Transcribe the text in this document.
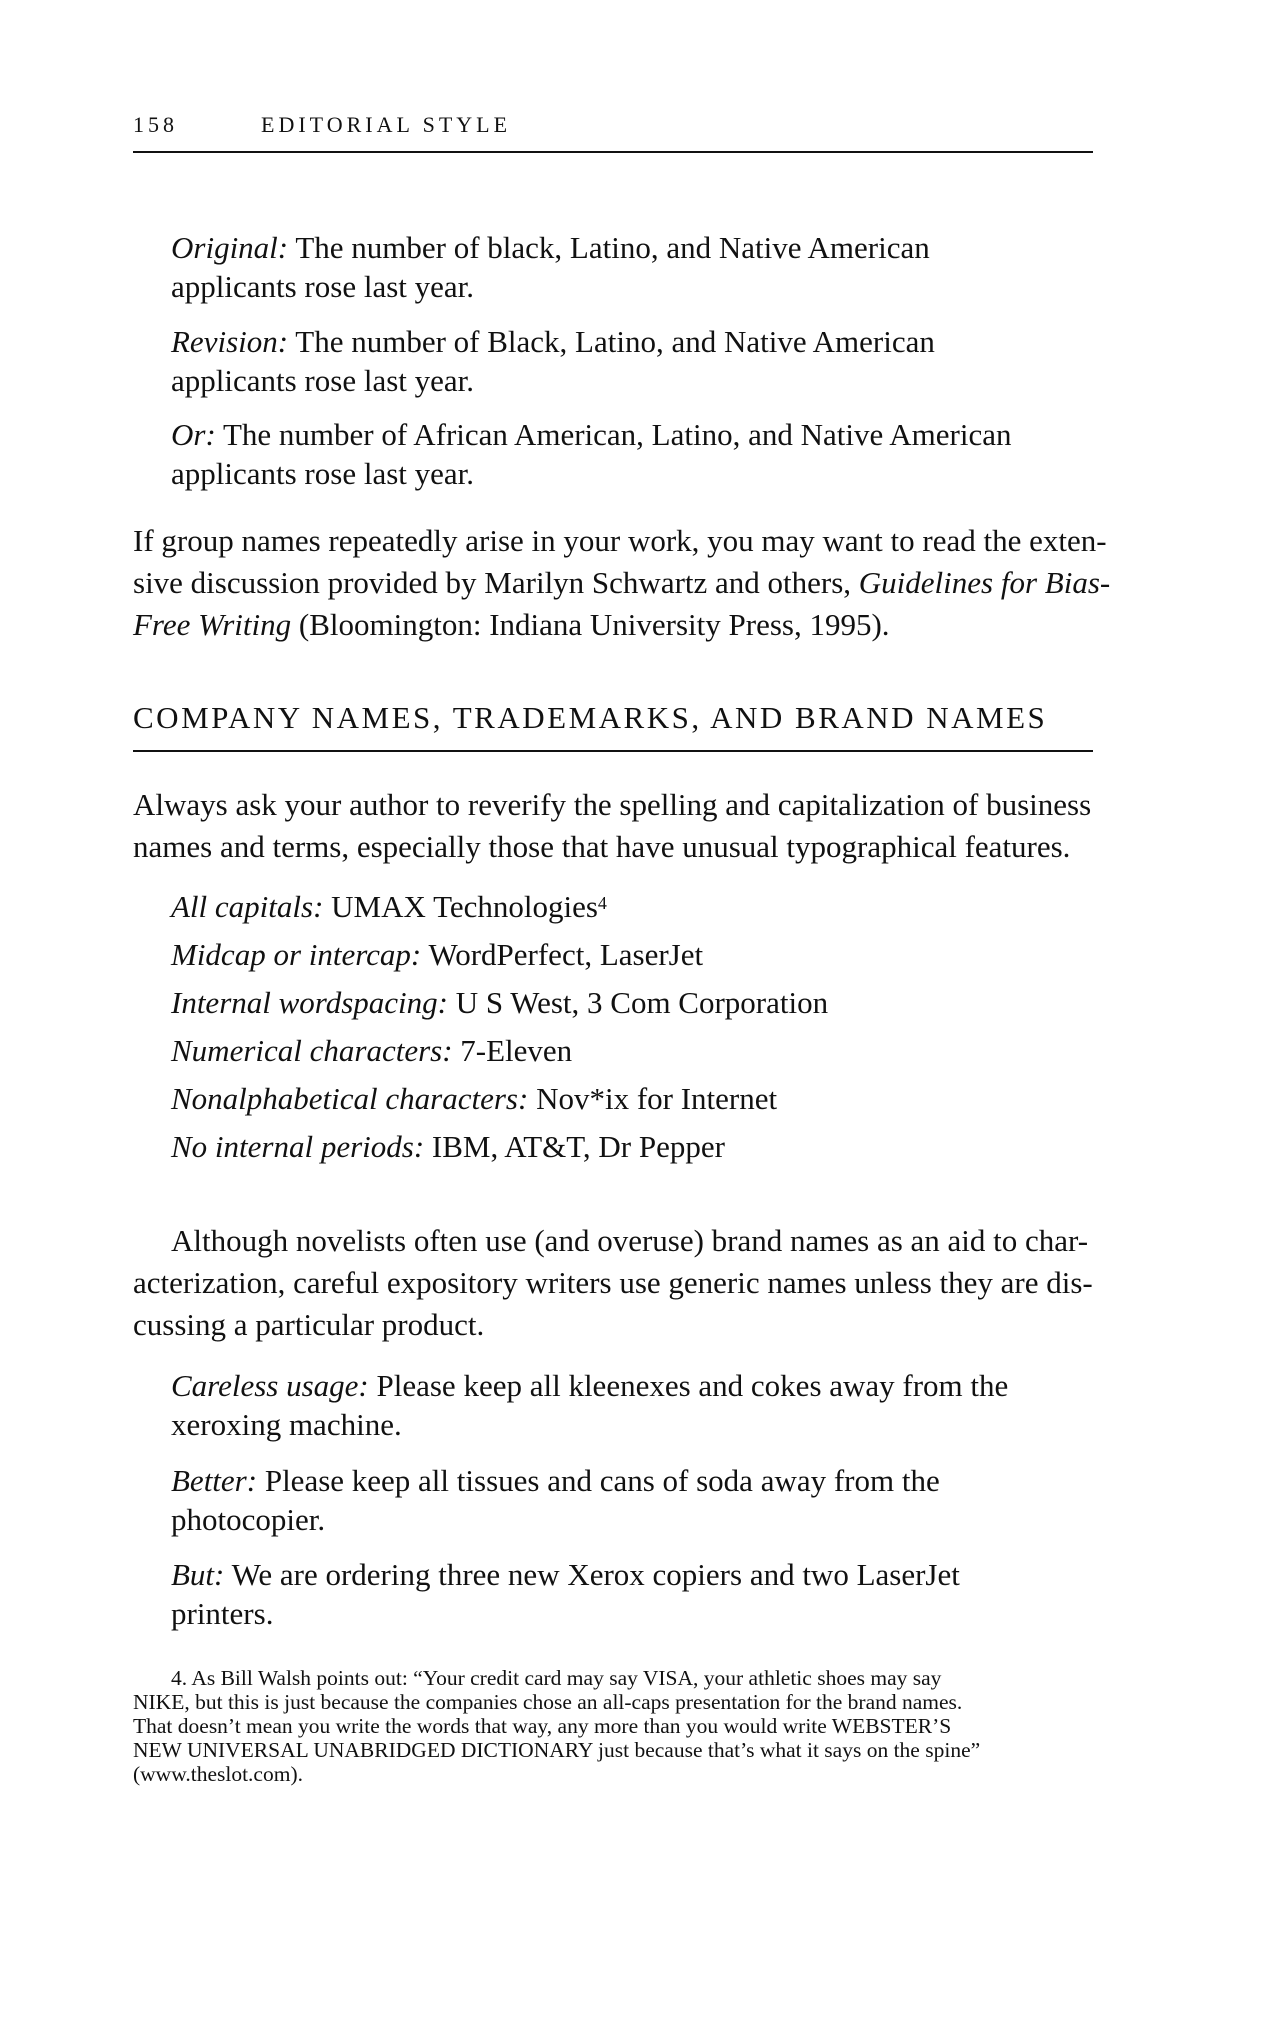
158	EDITORIAL STYLE
Original: The number of black, Latino, and Native American
applicants rose last year.
Revision: The number of Black, Latino, and Native American
applicants rose last year.
Or: The number of African American, Latino, and Native American
applicants rose last year.
If group names repeatedly arise in your work, you may want to read the exten-
sive discussion provided by Marilyn Schwartz and others, Guidelines for Bias-
Free Writing (Bloomington: Indiana University Press, 1995).
COMPANY NAMES, TRADEMARKS, AND BRAND NAMES
Always ask your author to reverify the spelling and capitalization of business
names and terms, especially those that have unusual typographical features.
All capitals: UMAX Technologies$^4$
Midcap or intercap: WordPerfect, LaserJet
Internal wordspacing: U S West, 3 Com Corporation
Numerical characters: 7-Eleven
Nonalphabetical characters: Nov*ix for Internet
No internal periods: IBM, AT&T, Dr Pepper
Although novelists often use (and overuse) brand names as an aid to char-
acterization, careful expository writers use generic names unless they are dis-
cussing a particular product.
Careless usage: Please keep all kleenexes and cokes away from the
xeroxing machine.
Better: Please keep all tissues and cans of soda away from the
photocopier.
But: We are ordering three new Xerox copiers and two LaserJet
printers.
4. As Bill Walsh points out: “Your credit card may say VISA, your athletic shoes may say
NIKE, but this is just because the companies chose an all-caps presentation for the brand names.
That doesn’t mean you write the words that way, any more than you would write WEBSTER’S
NEW UNIVERSAL UNABRIDGED DICTIONARY just because that’s what it says on the spine”
(www.theslot.com).
